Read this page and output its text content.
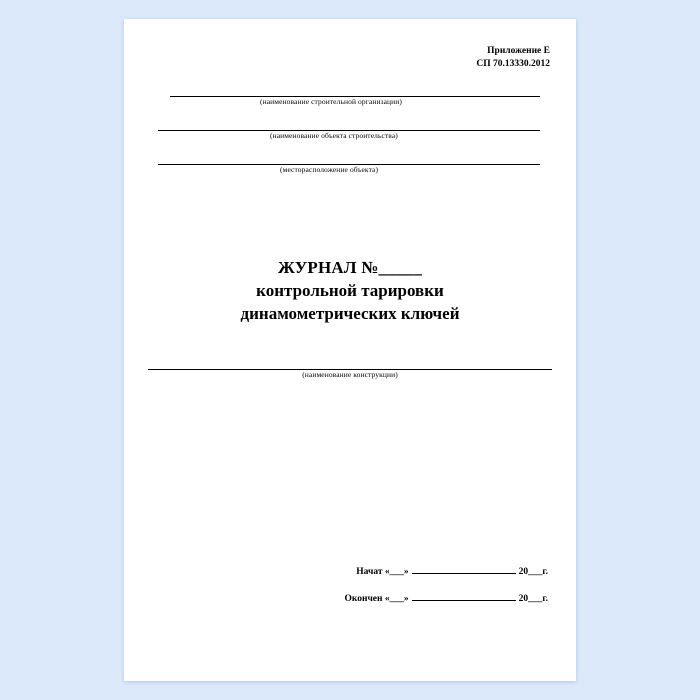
Приложение Е
СП 70.13330.2012
(наименование строительной организации)
(наименование объекта строительства)
(месторасположение объекта)
ЖУРНАЛ №_____
контрольной тарировки
динамометрических ключей
(наименование конструкции)
Начат «___»	20___г.
Окончен «___»	20___г.
